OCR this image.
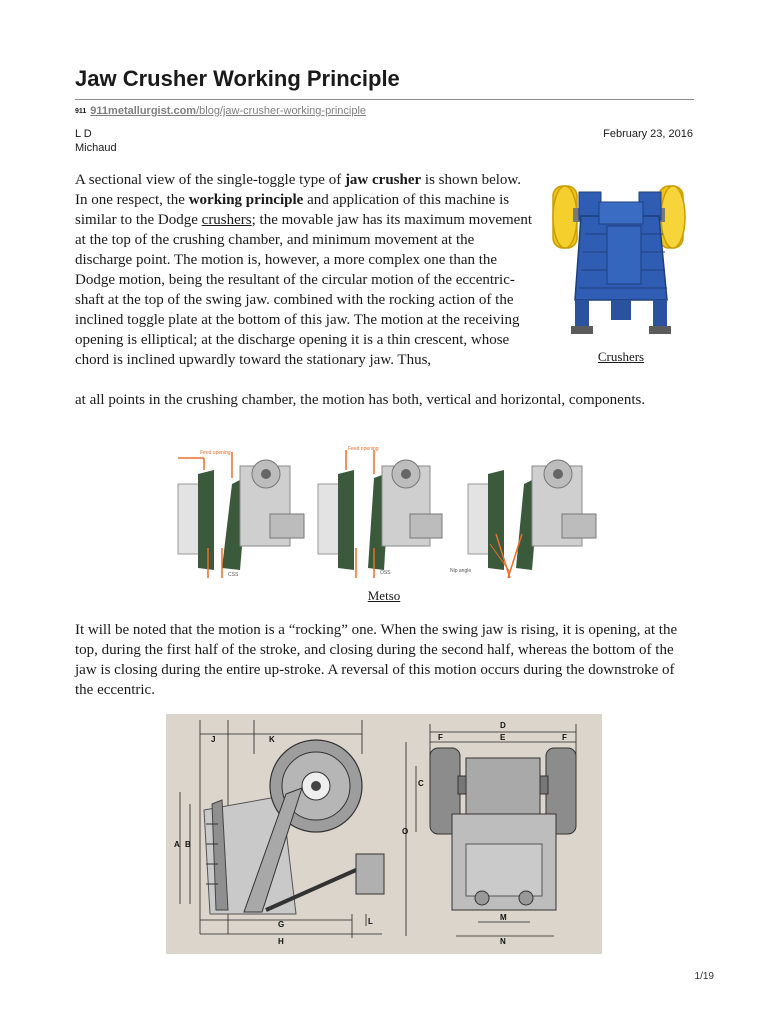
Jaw Crusher Working Principle
911 911metallurgist.com/blog/jaw-crusher-working-principle
L D
Michaud
February 23, 2016

A sectional view of the single-toggle type of jaw crusher is shown below. In one respect, the working principle and application of this machine is similar to the Dodge crushers; the movable jaw has its maximum movement at the top of the crushing chamber, and minimum movement at the discharge point. The motion is, however, a more complex one than the Dodge motion, being the resultant of the circular motion of the eccentric-shaft at the top of the swing jaw. combined with the rocking action of the inclined toggle plate at the bottom of this jaw. The motion at the receiving opening is elliptical; at the discharge opening it is a thin crescent, whose chord is inclined upwardly toward the stationary jaw. Thus,

at all points in the crushing chamber, the motion has both, vertical and horizontal, components.

Crushers
Feed opening
CSS
Feed opening
OSS	Nip angle
Metso

It will be noted that the motion is a “rocking” one. When the swing jaw is rising, it is opening, at the top, during the first half of the stroke, and closing during the second half, whereas the bottom of the jaw is closing during the entire up-stroke. A reversal of this motion occurs during the downstroke of the eccentric.

J	K
A B
G
H
L
D
E
F	F
C
O
M
N
1/19
